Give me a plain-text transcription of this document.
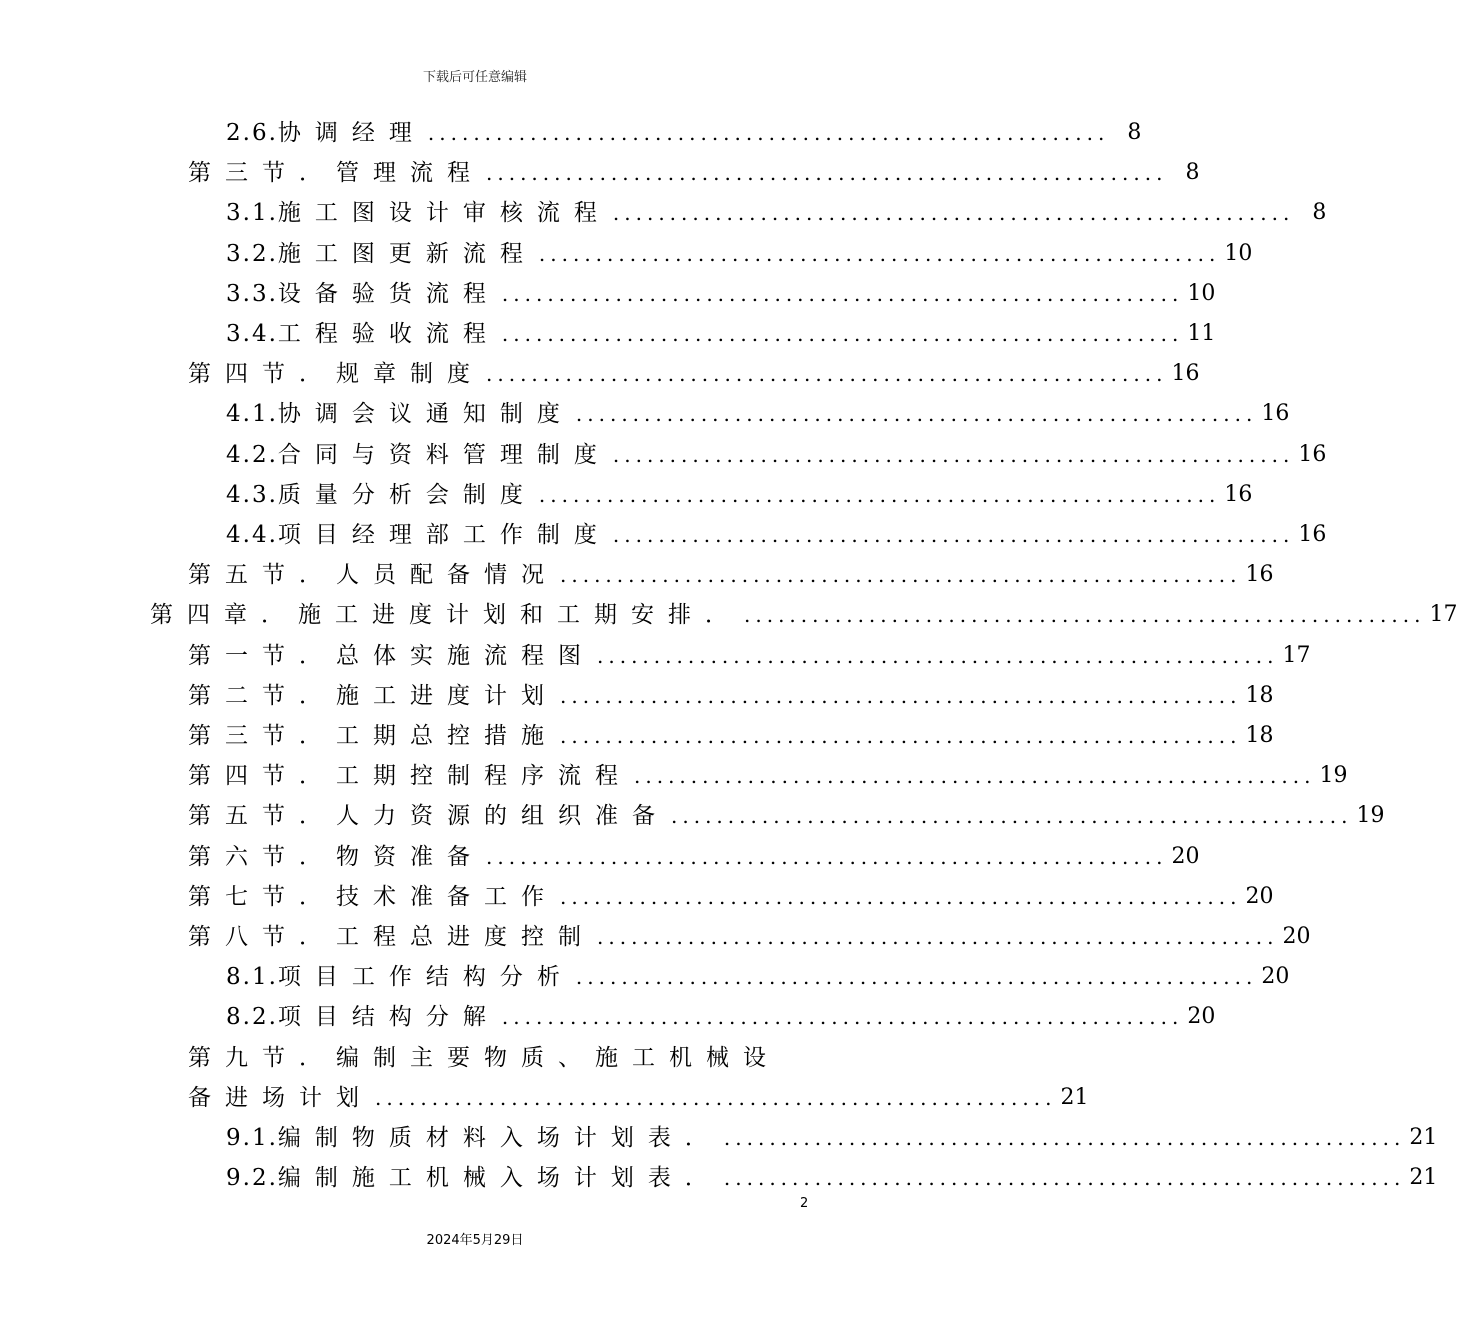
下载后可任意编辑
2.6. 协调经理 ............................................................ 8
第三节．管理流程 ............................................................ 8
3.1. 施工图设计审核流程 ............................................................ 8
3.2. 施工图更新流程 ............................................................ 10
3.3. 设备验货流程 ............................................................ 10
3.4. 工程验收流程 ............................................................ 11
第四节．规章制度 ............................................................ 16
4.1. 协调会议通知制度 ............................................................ 16
4.2. 合同与资料管理制度 ............................................................ 16
4.3. 质量分析会制度 ............................................................ 16
4.4. 项目经理部工作制度 ............................................................ 16
第五节．人员配备情况 ............................................................ 16
第四章．施工进度计划和工期安排． ............................................................ 17
第一节．总体实施流程图 ............................................................ 17
第二节．施工进度计划 ............................................................ 18
第三节．工期总控措施 ............................................................ 18
第四节．工期控制程序流程 ............................................................ 19
第五节．人力资源的组织准备 ............................................................ 19
第六节．物资准备 ............................................................ 20
第七节．技术准备工作 ............................................................ 20
第八节．工程总进度控制 ............................................................ 20
8.1. 项目工作结构分析 ............................................................ 20
8.2. 项目结构分解 ............................................................ 20
第九节．编制主要物质、施工机械设
备进场计划 ............................................................ 21
9.1. 编制物质材料入场计划表． ............................................................ 21
9.2. 编制施工机械入场计划表． ............................................................ 21
2
2024年5月29日
